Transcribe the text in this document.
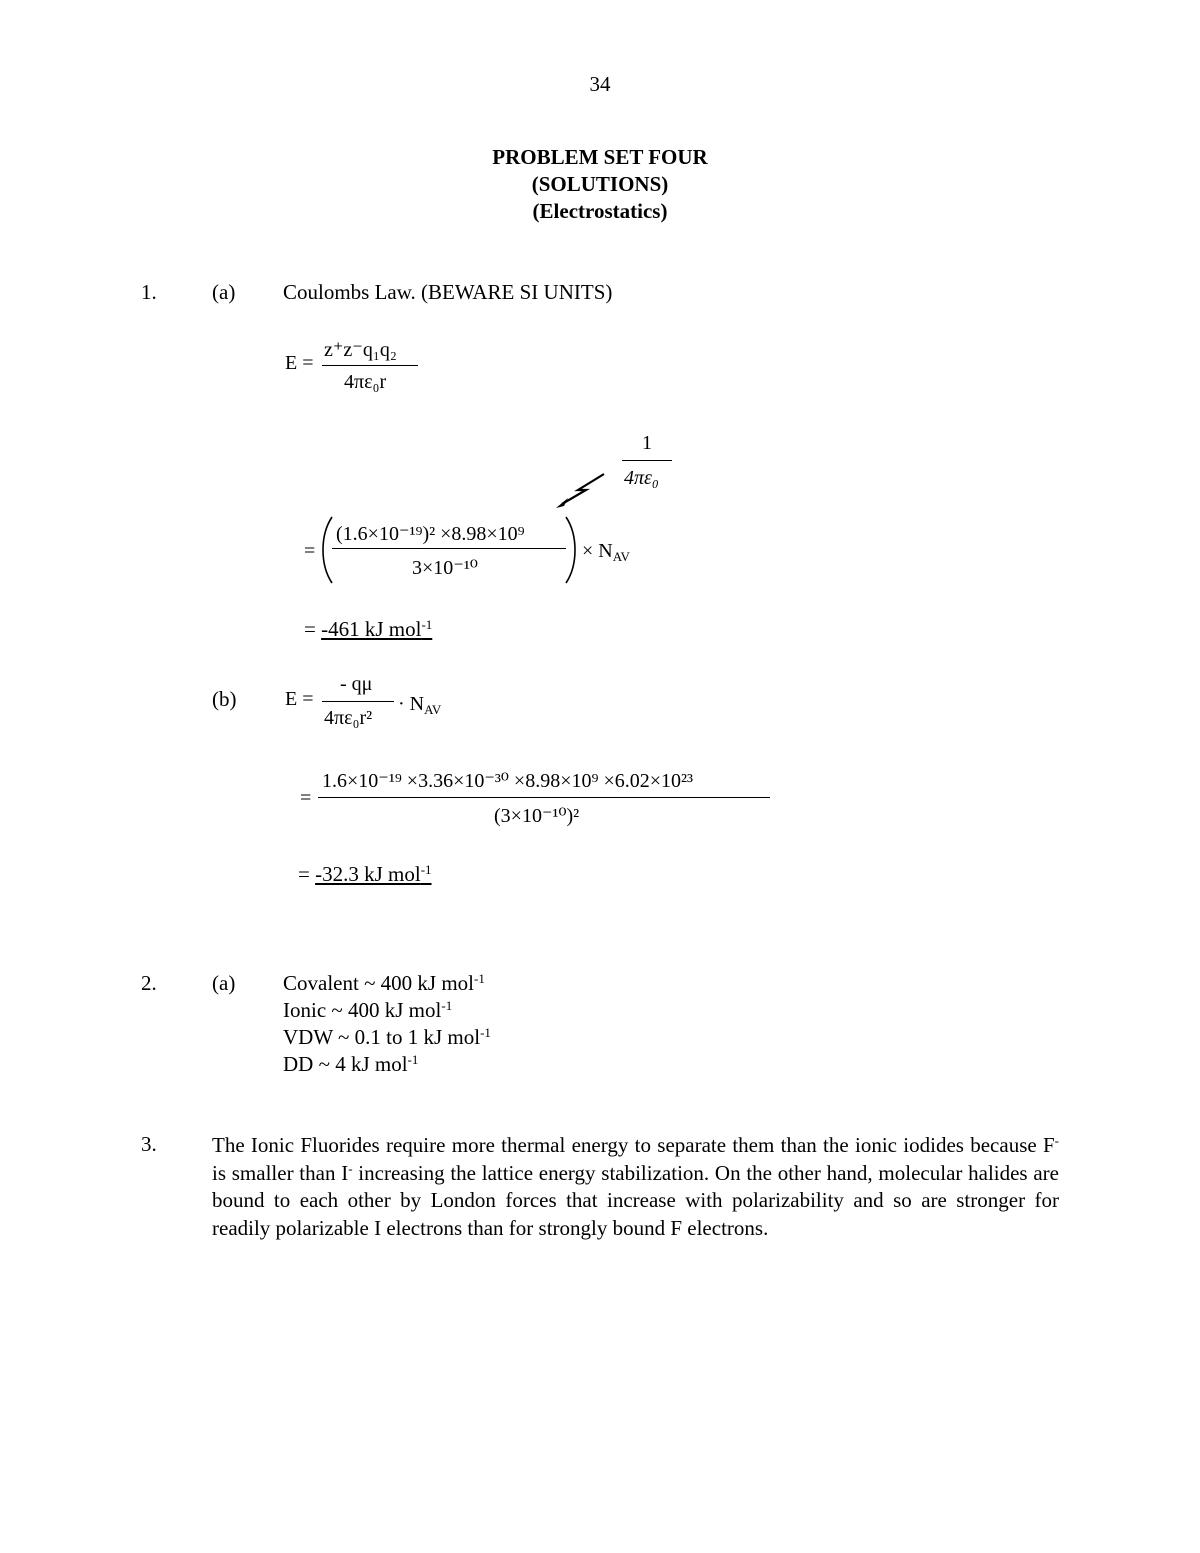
34
PROBLEM SET FOUR
(SOLUTIONS)
(Electrostatics)
1.	(a) Coulombs Law. (BEWARE SI UNITS)
E =
z⁺z⁻q₁q₂
4πε₀r
1
4πε₀
=
(1.6×10⁻¹⁹)² ×8.98×10⁹
3×10⁻¹⁰
× $N_{AV}$
= -461 kJ mol$^{-1}$
(b) E =
- qμ
4πε₀r²
· $N_{AV}$
=
1.6×10⁻¹⁹ ×3.36×10⁻³⁰ ×8.98×10⁹ ×6.02×10²³
(3×10⁻¹⁰)²
= -32.3 kJ mol$^{-1}$
2.	(a) Covalent ~ 400 kJ mol$^{-1}$
Ionic ~ 400 kJ mol$^{-1}$
VDW ~ 0.1 to 1 kJ mol$^{-1}$
DD ~ 4 kJ mol$^{-1}$
3.	The Ionic Fluorides require more thermal energy to separate them than the ionic iodides because F- is smaller than I- increasing the lattice energy stabilization. On the other hand, molecular halides are bound to each other by London forces that increase with polarizability and so are stronger for readily polarizable I electrons than for strongly bound F electrons.
